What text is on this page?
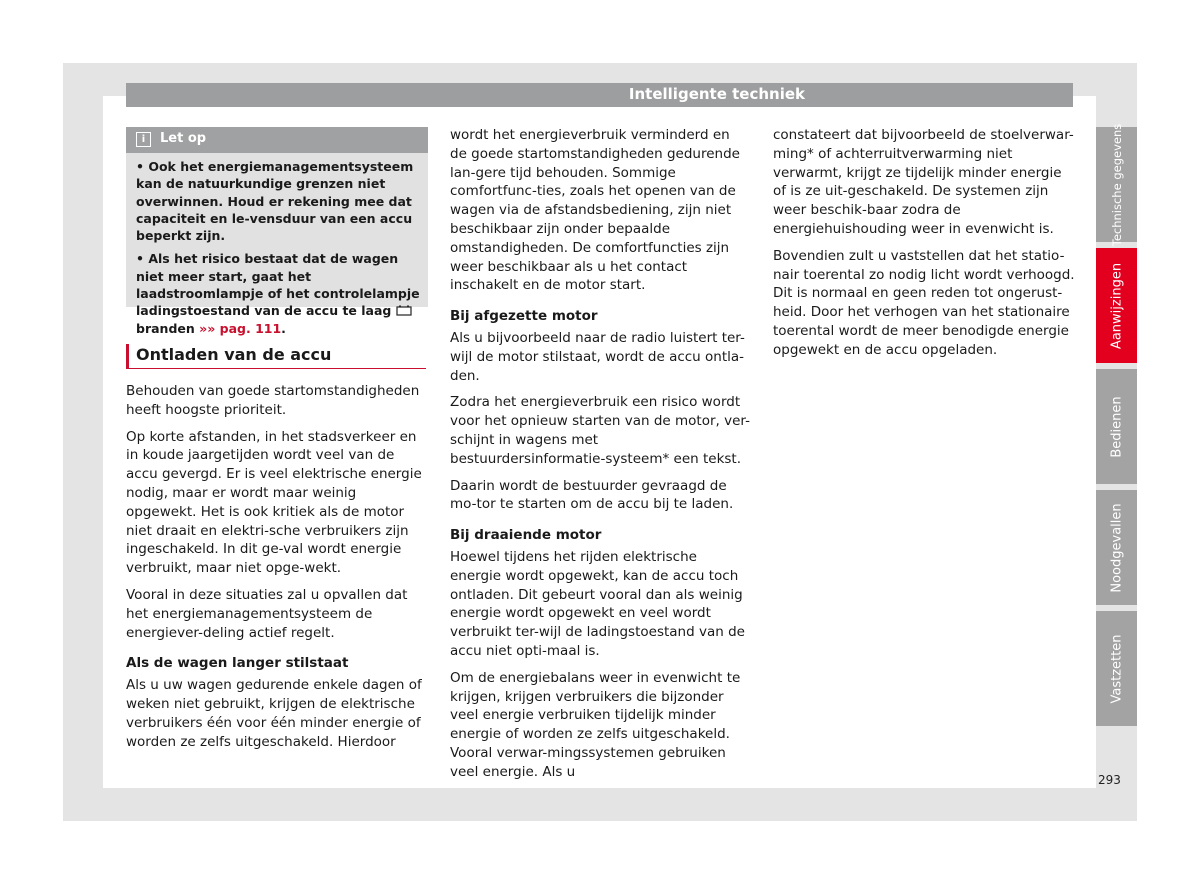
Intelligente techniek
i	Let op

• Ook het energiemanagementsysteem kan de natuurkundige grenzen niet overwinnen. Houd er rekening mee dat capaciteit en le-vensduur van een accu beperkt zijn.

• Als het risico bestaat dat de wagen niet meer start, gaat het laadstroomlampje of het controlelampje ladingstoestand van de accu te laag  branden »» pag. 111.

Ontladen van de accu

Behouden van goede startomstandigheden heeft hoogste prioriteit.

Op korte afstanden, in het stadsverkeer en in koude jaargetijden wordt veel van de accu gevergd. Er is veel elektrische energie nodig, maar er wordt maar weinig opgewekt. Het is ook kritiek als de motor niet draait en elektri-sche verbruikers zijn ingeschakeld. In dit ge-val wordt energie verbruikt, maar niet opge-wekt.

Vooral in deze situaties zal u opvallen dat het energiemanagementsysteem de energiever-deling actief regelt.

Als de wagen langer stilstaat

Als u uw wagen gedurende enkele dagen of weken niet gebruikt, krijgen de elektrische verbruikers één voor één minder energie of worden ze zelfs uitgeschakeld. Hierdoor

wordt het energieverbruik verminderd en de goede startomstandigheden gedurende lan-gere tijd behouden. Sommige comfortfunc-ties, zoals het openen van de wagen via de afstandsbediening, zijn niet beschikbaar zijn onder bepaalde omstandigheden. De comfortfuncties zijn weer beschikbaar als u het contact inschakelt en de motor start.

Bij afgezette motor

Als u bijvoorbeeld naar de radio luistert ter-wijl de motor stilstaat, wordt de accu ontla-den.

Zodra het energieverbruik een risico wordt voor het opnieuw starten van de motor, ver-schijnt in wagens met bestuurdersinformatie-systeem* een tekst.

Daarin wordt de bestuurder gevraagd de mo-tor te starten om de accu bij te laden.

Bij draaiende motor

Hoewel tijdens het rijden elektrische energie wordt opgewekt, kan de accu toch ontladen. Dit gebeurt vooral dan als weinig energie wordt opgewekt en veel wordt verbruikt ter-wijl de ladingstoestand van de accu niet opti-maal is.

Om de energiebalans weer in evenwicht te krijgen, krijgen verbruikers die bijzonder veel energie verbruiken tijdelijk minder energie of worden ze zelfs uitgeschakeld. Vooral verwar-mingssystemen gebruiken veel energie. Als u

constateert dat bijvoorbeeld de stoelverwar-ming* of achterruitverwarming niet verwarmt, krijgt ze tijdelijk minder energie of is ze uit-geschakeld. De systemen zijn weer beschik-baar zodra de energiehuishouding weer in evenwicht is.

Bovendien zult u vaststellen dat het statio-nair toerental zo nodig licht wordt verhoogd. Dit is normaal en geen reden tot ongerust-heid. Door het verhogen van het stationaire toerental wordt de meer benodigde energie opgewekt en de accu opgeladen.

Technische gegevens
Aanwijzingen
Bedienen
Noodgevallen
Vastzetten
293
